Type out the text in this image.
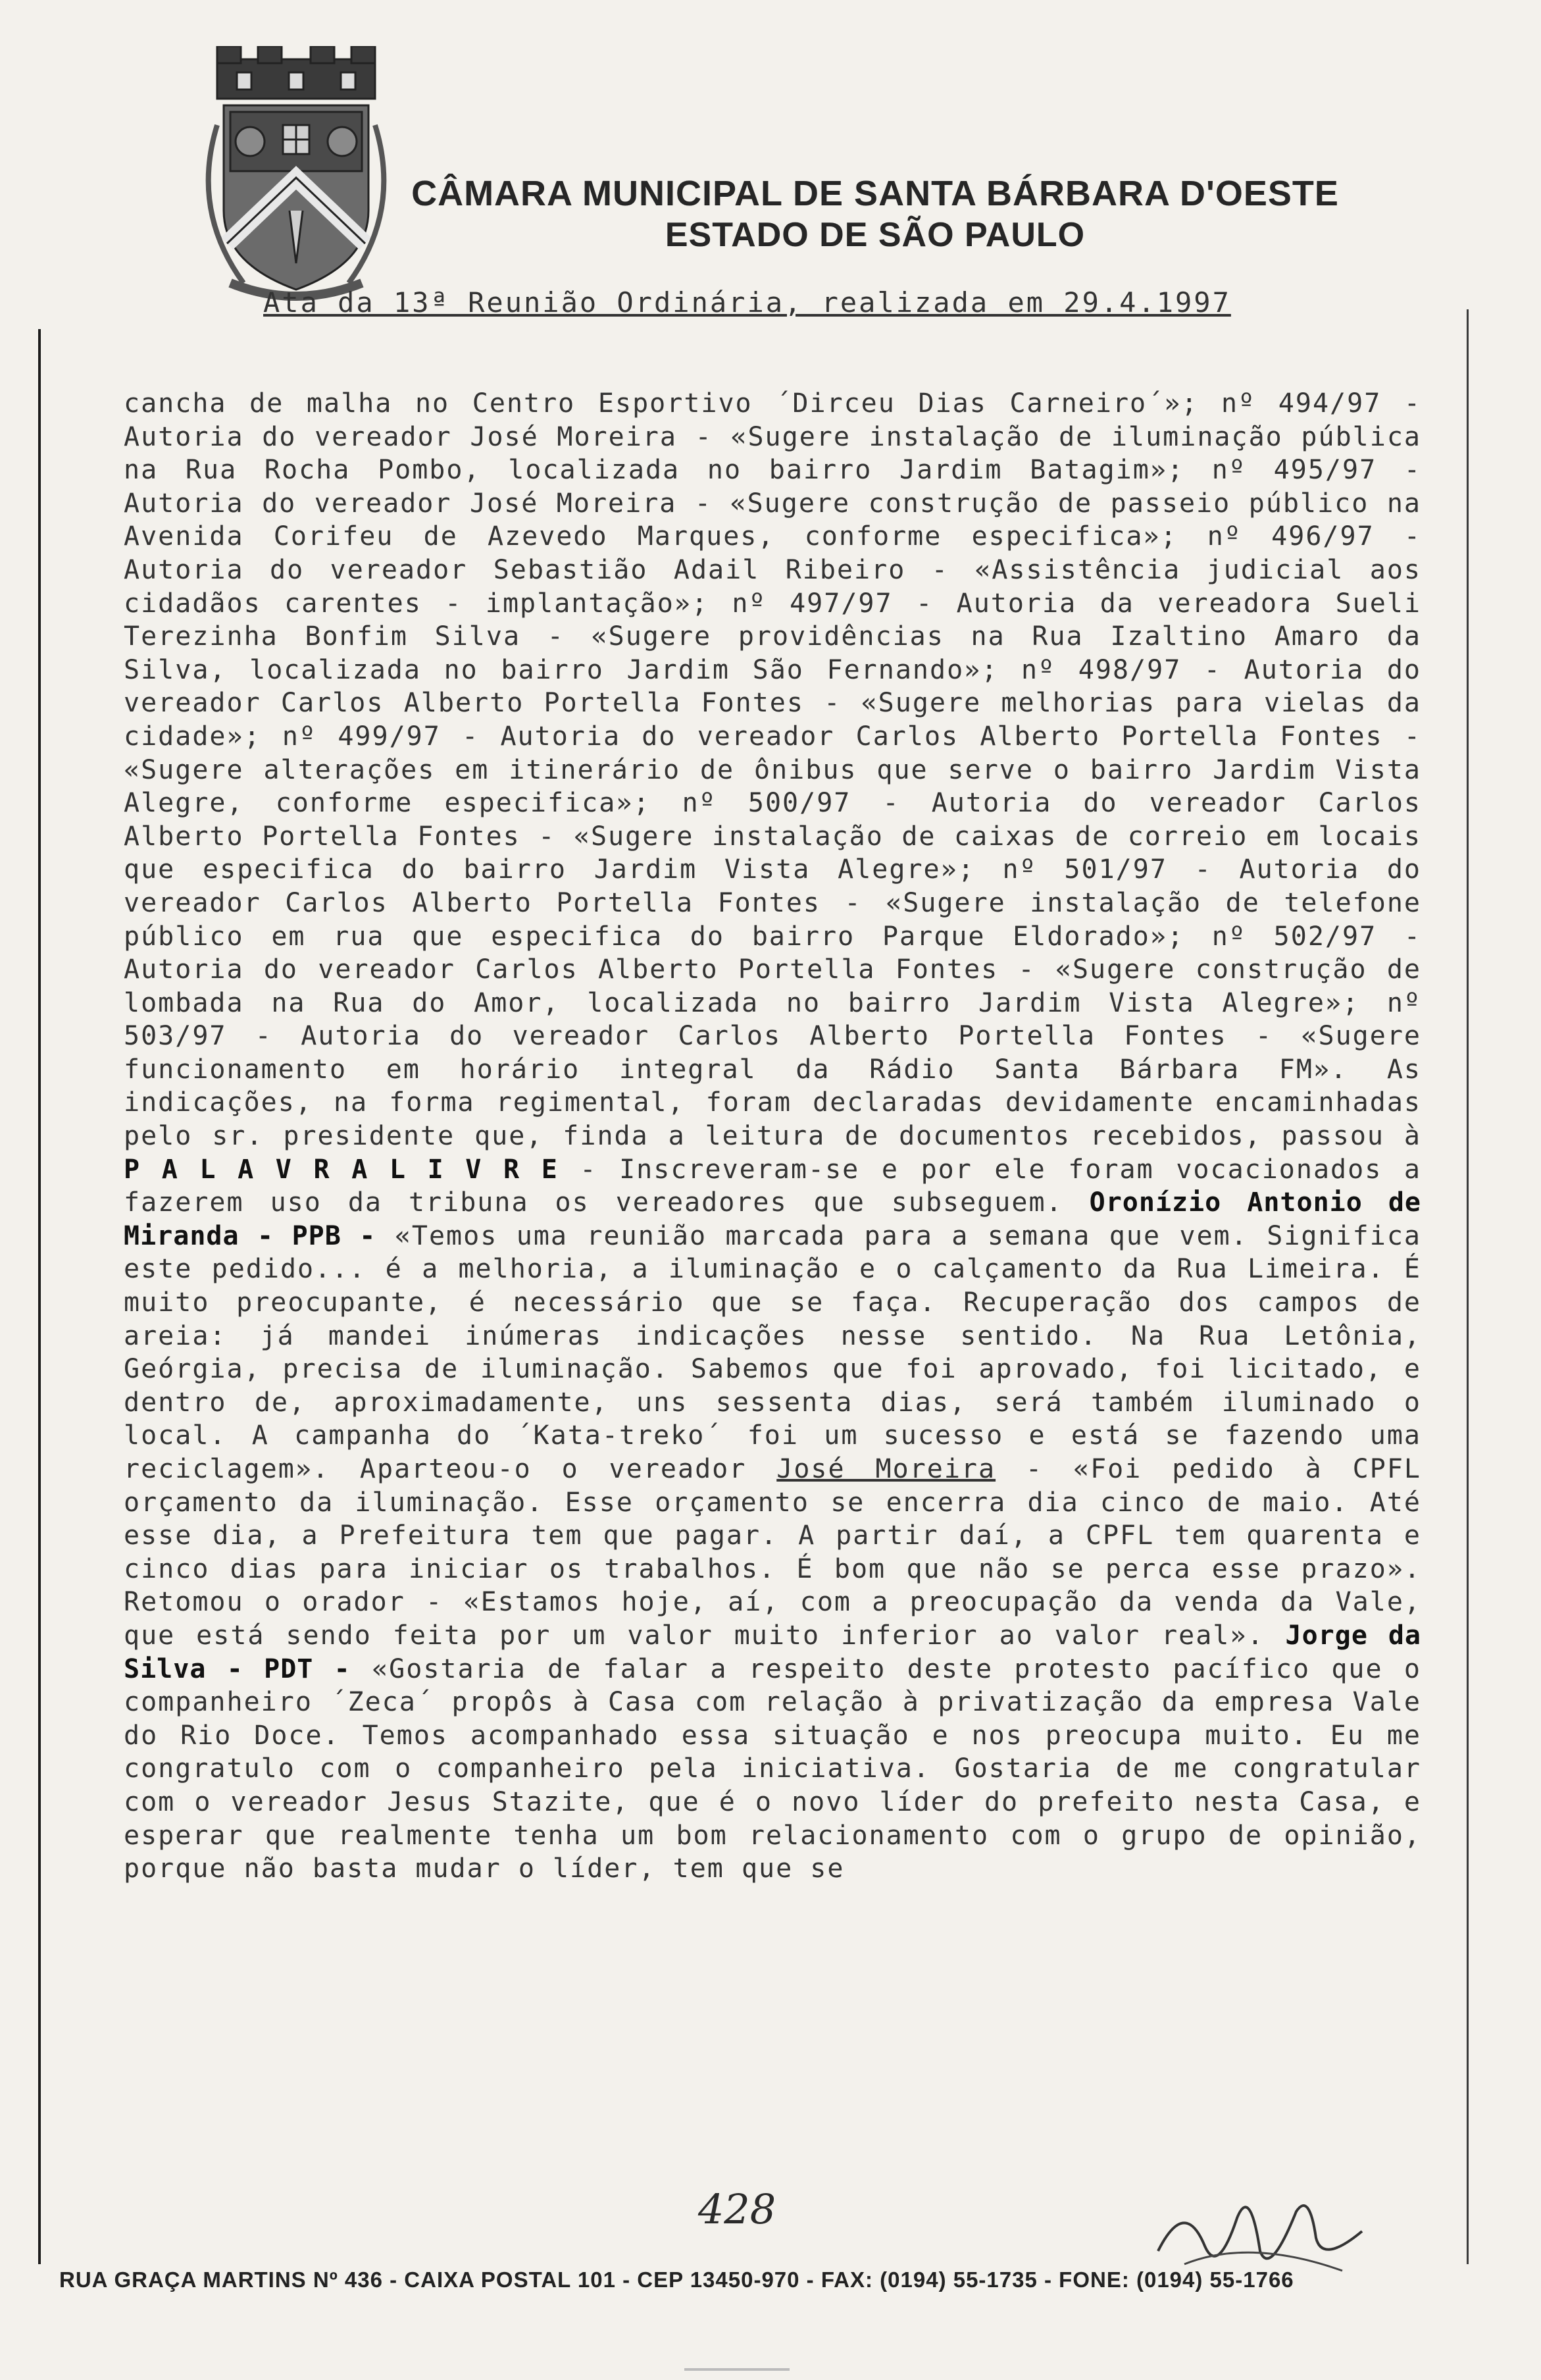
CÂMARA MUNICIPAL DE SANTA BÁRBARA D'OESTE
ESTADO DE SÃO PAULO
Ata da 13ª Reunião Ordinária, realizada em 29.4.1997
cancha de malha no Centro Esportivo ´Dirceu Dias Carneiro´»; nº 494/97 - Autoria do vereador José Moreira - «Sugere instalação de iluminação pública na Rua Rocha Pombo, localizada no bairro Jardim Batagim»; nº 495/97 - Autoria do vereador José Moreira - «Sugere construção de passeio público na Avenida Corifeu de Azevedo Marques, conforme especifica»; nº 496/97 - Autoria do vereador Sebastião Adail Ribeiro - «Assistência judicial aos cidadãos carentes - implantação»; nº 497/97 - Autoria da vereadora Sueli Terezinha Bonfim Silva - «Sugere providências na Rua Izaltino Amaro da Silva, localizada no bairro Jardim São Fernando»; nº 498/97 - Autoria do vereador Carlos Alberto Portella Fontes - «Sugere melhorias para vielas da cidade»; nº 499/97 - Autoria do vereador Carlos Alberto Portella Fontes - «Sugere alterações em itinerário de ônibus que serve o bairro Jardim Vista Alegre, conforme especifica»; nº 500/97 - Autoria do vereador Carlos Alberto Portella Fontes - «Sugere instalação de caixas de correio em locais que especifica do bairro Jardim Vista Alegre»; nº 501/97 - Autoria do vereador Carlos Alberto Portella Fontes - «Sugere instalação de telefone público em rua que especifica do bairro Parque Eldorado»; nº 502/97 - Autoria do vereador Carlos Alberto Portella Fontes - «Sugere construção de lombada na Rua do Amor, localizada no bairro Jardim Vista Alegre»; nº 503/97 - Autoria do vereador Carlos Alberto Portella Fontes - «Sugere funcionamento em horário integral da Rádio Santa Bárbara FM». As indicações, na forma regimental, foram declaradas devidamente encaminhadas pelo sr. presidente que, finda a leitura de documentos recebidos, passou à P A L A V R A L I V R E - Inscreveram-se e por ele foram vocacionados a fazerem uso da tribuna os vereadores que subseguem. Oronízio Antonio de Miranda - PPB - «Temos uma reunião marcada para a semana que vem. Significa este pedido... é a melhoria, a iluminação e o calçamento da Rua Limeira. É muito preocupante, é necessário que se faça. Recuperação dos campos de areia: já mandei inúmeras indicações nesse sentido. Na Rua Letônia, Geórgia, precisa de iluminação. Sabemos que foi aprovado, foi licitado, e dentro de, aproximadamente, uns sessenta dias, será também iluminado o local. A campanha do ´Kata-treko´ foi um sucesso e está se fazendo uma reciclagem». Aparteou-o o vereador José Moreira - «Foi pedido à CPFL orçamento da iluminação. Esse orçamento se encerra dia cinco de maio. Até esse dia, a Prefeitura tem que pagar. A partir daí, a CPFL tem quarenta e cinco dias para iniciar os trabalhos. É bom que não se perca esse prazo». Retomou o orador - «Estamos hoje, aí, com a preocupação da venda da Vale, que está sendo feita por um valor muito inferior ao valor real». Jorge da Silva - PDT - «Gostaria de falar a respeito deste protesto pacífico que o companheiro ´Zeca´ propôs à Casa com relação à privatização da empresa Vale do Rio Doce. Temos acompanhado essa situação e nos preocupa muito. Eu me congratulo com o companheiro pela iniciativa. Gostaria de me congratular com o vereador Jesus Stazite, que é o novo líder do prefeito nesta Casa, e esperar que realmente tenha um bom relacionamento com o grupo de opinião, porque não basta mudar o líder, tem que se
428
RUA GRAÇA MARTINS Nº 436 - CAIXA POSTAL 101 - CEP 13450-970 - FAX: (0194) 55-1735 - FONE: (0194) 55-1766
